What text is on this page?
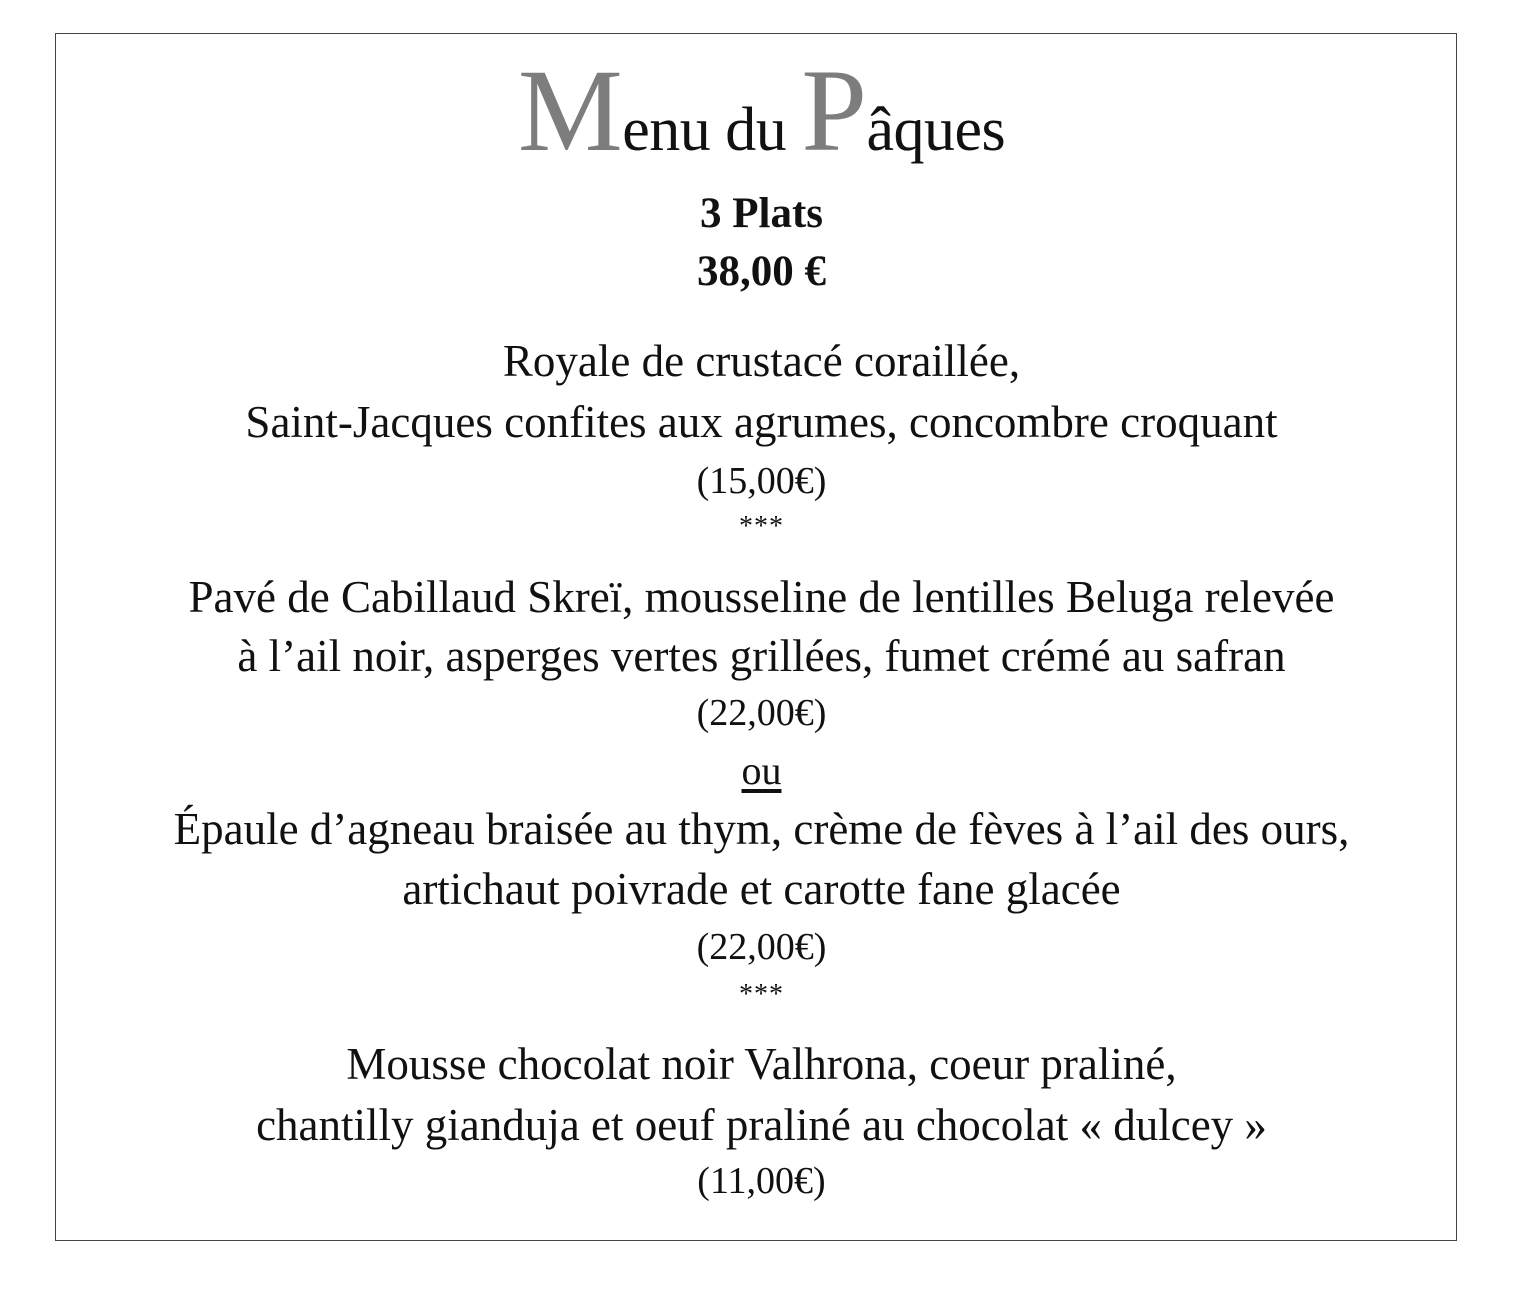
Menu du Pâques
3 Plats
38,00 €
Royale de crustacé coraillée,
Saint-Jacques confites aux agrumes, concombre croquant
(15,00€)
***
Pavé de Cabillaud Skreï, mousseline de lentilles Beluga relevée
à l’ail noir, asperges vertes grillées, fumet crémé au safran
(22,00€)
ou
Épaule d’agneau braisée au thym, crème de fèves à l’ail des ours,
artichaut poivrade et carotte fane glacée
(22,00€)
***
Mousse chocolat noir Valhrona, coeur praliné,
chantilly gianduja et oeuf praliné au chocolat « dulcey »
(11,00€)
